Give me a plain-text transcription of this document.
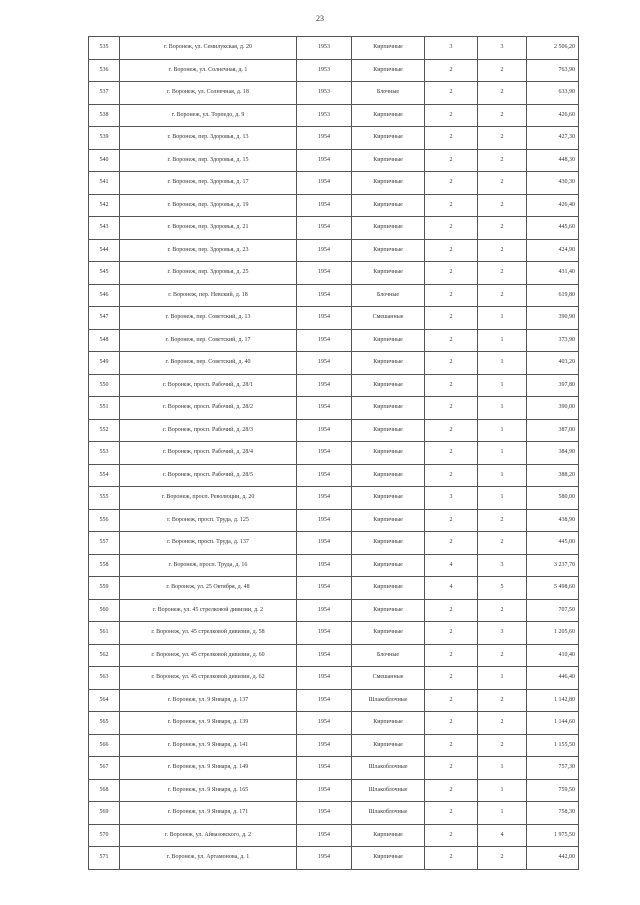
23
535	г. Воронеж, ул. Семилукская, д. 20	1953	Кирпичные	3	3	2 506,20
536	г. Воронеж, ул. Солнечная, д. 1	1953	Кирпичные	2	2	763,90
537	г. Воронеж, ул. Солнечная, д. 18	1953	Блочные	2	2	633,90
538	г. Воронеж, ул. Торпедо, д. 9	1953	Кирпичные	2	2	426,60
539	г. Воронеж, пер. Здоровья, д. 13	1954	Кирпичные	2	2	427,30
540	г. Воронеж, пер. Здоровья, д. 15	1954	Кирпичные	2	2	448,30
541	г. Воронеж, пер. Здоровья, д. 17	1954	Кирпичные	2	2	430,30
542	г. Воронеж, пер. Здоровья, д. 19	1954	Кирпичные	2	2	426,40
543	г. Воронеж, пер. Здоровья, д. 21	1954	Кирпичные	2	2	445,60
544	г. Воронеж, пер. Здоровья, д. 23	1954	Кирпичные	2	2	424,90
545	г. Воронеж, пер. Здоровья, д. 25	1954	Кирпичные	2	2	431,40
546	г. Воронеж, пер. Невский, д. 18	1954	Блочные	2	2	619,80
547	г. Воронеж, пер. Советский, д. 13	1954	Смешанные	2	1	390,90
548	г. Воронеж, пер. Советский, д. 17	1954	Кирпичные	2	1	373,90
549	г. Воронеж, пер. Советский, д. 40	1954	Кирпичные	2	1	403,20
550	г. Воронеж, просп. Рабочий, д. 28/1	1954	Кирпичные	2	1	397,80
551	г. Воронеж, просп. Рабочий, д. 28/2	1954	Кирпичные	2	1	390,00
552	г. Воронеж, просп. Рабочий, д. 28/3	1954	Кирпичные	2	1	387,00
553	г. Воронеж, просп. Рабочий, д. 28/4	1954	Кирпичные	2	1	384,90
554	г. Воронеж, просп. Рабочий, д. 28/5	1954	Кирпичные	2	1	388,20
555	г. Воронеж, просп. Революции, д. 20	1954	Кирпичные	3	1	580,00
556	г. Воронеж, просп. Труда, д. 125	1954	Кирпичные	2	2	438,90
557	г. Воронеж, просп. Труда, д. 137	1954	Кирпичные	2	2	445,00
558	г. Воронеж, просп. Труда, д. 16	1954	Кирпичные	4	3	3 237,70
559	г. Воронеж, ул. 25 Октября, д. 48	1954	Кирпичные	4	5	5 498,60
560	г. Воронеж, ул. 45 стрелковой дивизии, д. 2	1954	Кирпичные	2	2	707,50
561	г. Воронеж, ул. 45 стрелковой дивизии, д. 58	1954	Кирпичные	2	3	1 205,60
562	г. Воронеж, ул. 45 стрелковой дивизии, д. 60	1954	Блочные	2	2	410,40
563	г. Воронеж, ул. 45 стрелковой дивизии, д. 62	1954	Смешанные	2	1	446,40
564	г. Воронеж, ул. 9 Января, д. 137	1954	Шлакоблочные	2	2	1 142,80
565	г. Воронеж, ул. 9 Января, д. 139	1954	Кирпичные	2	2	1 144,60
566	г. Воронеж, ул. 9 Января, д. 141	1954	Кирпичные	2	2	1 155,50
567	г. Воронеж, ул. 9 Января, д. 149	1954	Шлакоблочные	2	1	757,30
568	г. Воронеж, ул. 9 Января, д. 165	1954	Шлакоблочные	2	1	759,50
569	г. Воронеж, ул. 9 Января, д. 171	1954	Шлакоблочные	2	1	758,30
570	г. Воронеж, ул. Айвазовского, д. 2	1954	Кирпичные	2	4	1 975,50
571	г. Воронеж, ул. Артамонова, д. 1	1954	Кирпичные	2	2	442,00
